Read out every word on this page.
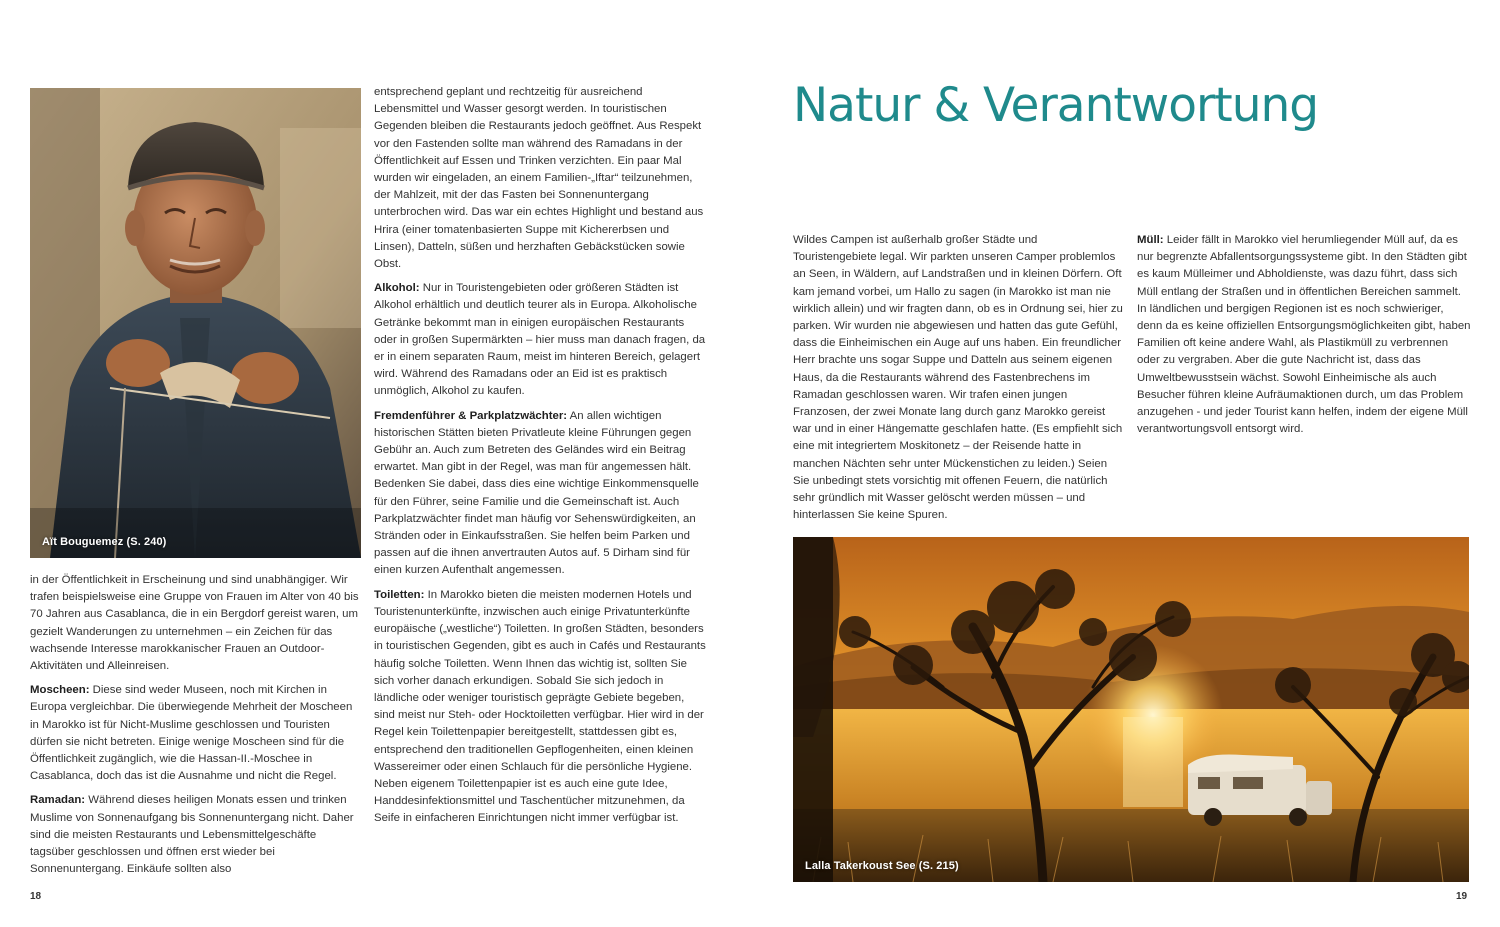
Aït Bouguemez (S. 240)

in der Öffentlichkeit in Erscheinung und sind unabhängiger. Wir trafen beispielsweise eine Gruppe von Frauen im Alter von 40 bis 70 Jahren aus Casablanca, die in ein Bergdorf gereist waren, um gezielt Wanderungen zu unternehmen – ein Zeichen für das wachsende Interesse marokkanischer Frauen an Outdoor-Aktivitäten und Alleinreisen.

Moscheen: Diese sind weder Museen, noch mit Kirchen in Europa vergleichbar. Die überwiegende Mehrheit der Moscheen in Marokko ist für Nicht-Muslime geschlossen und Touristen dürfen sie nicht betreten. Einige wenige Moscheen sind für die Öffentlichkeit zugänglich, wie die Hassan-II.-Moschee in Casablanca, doch das ist die Ausnahme und nicht die Regel.

Ramadan: Während dieses heiligen Monats essen und trinken Muslime von Sonnenaufgang bis Sonnenuntergang nicht. Daher sind die meisten Restaurants und Lebensmittelgeschäfte tagsüber geschlossen und öffnen erst wieder bei Sonnenuntergang. Einkäufe sollten also

entsprechend geplant und rechtzeitig für ausreichend Lebensmittel und Wasser gesorgt werden. In touristischen Gegenden bleiben die Restaurants jedoch geöffnet. Aus Respekt vor den Fastenden sollte man während des Ramadans in der Öffentlichkeit auf Essen und Trinken verzichten. Ein paar Mal wurden wir eingeladen, an einem Familien-„Iftar“ teilzunehmen, der Mahlzeit, mit der das Fasten bei Sonnenuntergang unterbrochen wird. Das war ein echtes Highlight und bestand aus Hrira (einer tomatenbasierten Suppe mit Kichererbsen und Linsen), Datteln, süßen und herzhaften Gebäckstücken sowie Obst.

Alkohol: Nur in Touristengebieten oder größeren Städten ist Alkohol erhältlich und deutlich teurer als in Europa. Alkoholische Getränke bekommt man in einigen europäischen Restaurants oder in großen Supermärkten – hier muss man danach fragen, da er in einem separaten Raum, meist im hinteren Bereich, gelagert wird. Während des Ramadans oder an Eid ist es praktisch unmöglich, Alkohol zu kaufen.

Fremdenführer & Parkplatzwächter: An allen wichtigen historischen Stätten bieten Privatleute kleine Führungen gegen Gebühr an. Auch zum Betreten des Geländes wird ein Beitrag erwartet. Man gibt in der Regel, was man für angemessen hält. Bedenken Sie dabei, dass dies eine wichtige Einkommensquelle für den Führer, seine Familie und die Gemeinschaft ist. Auch Parkplatzwächter findet man häufig vor Sehenswürdigkeiten, an Stränden oder in Einkaufsstraßen. Sie helfen beim Parken und passen auf die ihnen anvertrauten Autos auf. 5 Dirham sind für einen kurzen Aufenthalt angemessen.

Toiletten: In Marokko bieten die meisten modernen Hotels und Touristenunterkünfte, inzwischen auch einige Privatunterkünfte europäische („westliche“) Toiletten. In großen Städten, besonders in touristischen Gegenden, gibt es auch in Cafés und Restaurants häufig solche Toiletten. Wenn Ihnen das wichtig ist, sollten Sie sich vorher danach erkundigen. Sobald Sie sich jedoch in ländliche oder weniger touristisch geprägte Gebiete begeben, sind meist nur Steh- oder Hocktoiletten verfügbar. Hier wird in der Regel kein Toilettenpapier bereitgestellt, stattdessen gibt es, entsprechend den traditionellen Gepflogenheiten, einen kleinen Wassereimer oder einen Schlauch für die persönliche Hygiene. Neben eigenem Toilettenpapier ist es auch eine gute Idee, Handdesinfektionsmittel und Taschentücher mitzunehmen, da Seife in einfacheren Einrichtungen nicht immer verfügbar ist.

18
Natur & Verantwortung

Wildes Campen ist außerhalb großer Städte und Touristengebiete legal. Wir parkten unseren Camper problemlos an Seen, in Wäldern, auf Landstraßen und in kleinen Dörfern. Oft kam jemand vorbei, um Hallo zu sagen (in Marokko ist man nie wirklich allein) und wir fragten dann, ob es in Ordnung sei, hier zu parken. Wir wurden nie abgewiesen und hatten das gute Gefühl, dass die Einheimischen ein Auge auf uns haben. Ein freundlicher Herr brachte uns sogar Suppe und Datteln aus seinem eigenen Haus, da die Restaurants während des Fastenbrechens im Ramadan geschlossen waren. Wir trafen einen jungen Franzosen, der zwei Monate lang durch ganz Marokko gereist war und in einer Hängematte geschlafen hatte. (Es empfiehlt sich eine mit integriertem Moskitonetz – der Reisende hatte in manchen Nächten sehr unter Mückenstichen zu leiden.) Seien Sie unbedingt stets vorsichtig mit offenen Feuern, die natürlich sehr gründlich mit Wasser gelöscht werden müssen – und hinterlassen Sie keine Spuren.

Müll: Leider fällt in Marokko viel herumliegender Müll auf, da es nur begrenzte Abfallentsorgungssysteme gibt. In den Städten gibt es kaum Mülleimer und Abholdienste, was dazu führt, dass sich Müll entlang der Straßen und in öffentlichen Bereichen sammelt. In ländlichen und bergigen Regionen ist es noch schwieriger, denn da es keine offiziellen Entsorgungsmöglichkeiten gibt, haben Familien oft keine andere Wahl, als Plastikmüll zu verbrennen oder zu vergraben. Aber die gute Nachricht ist, dass das Umweltbewusstsein wächst. Sowohl Einheimische als auch Besucher führen kleine Aufräumaktionen durch, um das Problem anzugehen - und jeder Tourist kann helfen, indem der eigene Müll verantwortungsvoll entsorgt wird.

Lalla Takerkoust See (S. 215)
19
